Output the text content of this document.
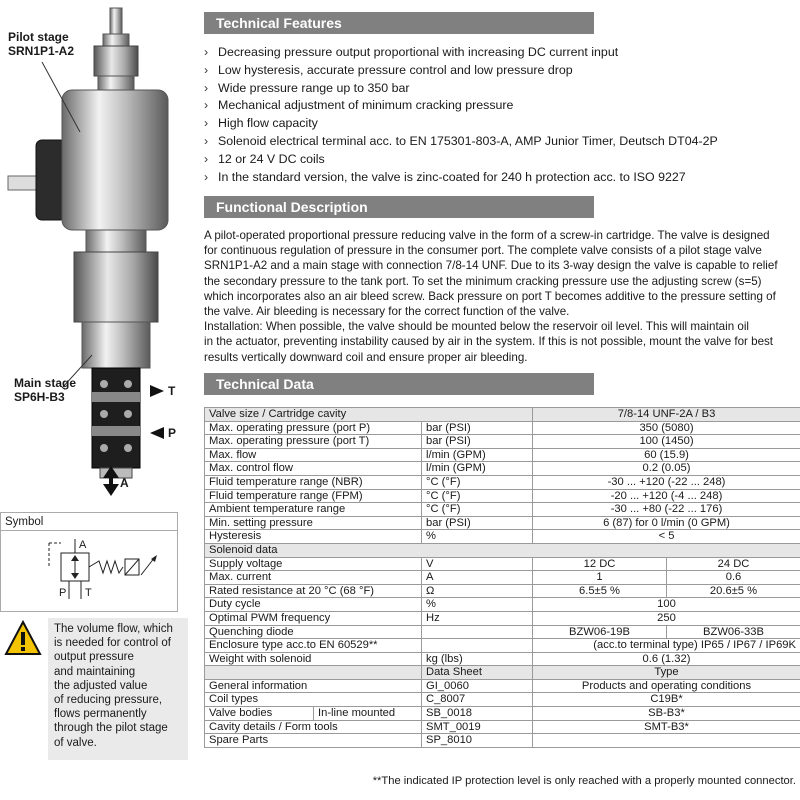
Pilot stage
SRN1P1-A2
Main stage
SP6H-B3	T
P
A
Symbol
A
P T
The volume flow, which
is needed for control of
output pressure
and maintaining
the adjusted value
of reducing pressure,
flows permanently
through the pilot stage
of valve.
Technical Features
› Decreasing pressure output proportional with increasing DC current input
› Low hysteresis, accurate pressure control and low pressure drop
› Wide pressure range up to 350 bar
› Mechanical adjustment of minimum cracking pressure
› High flow capacity
› Solenoid electrical terminal acc. to EN 175301-803-A, AMP Junior Timer, Deutsch DT04-2P
› 12 or 24 V DC coils
› In the standard version, the valve is zinc-coated for 240 h protection acc. to ISO 9227
Functional Description

A pilot-operated proportional pressure reducing valve in the form of a screw-in cartridge. The valve is designed

for continuous regulation of pressure in the consumer port. The complete valve consists of a pilot stage valve

SRN1P1-A2 and a main stage with connection 7/8-14 UNF. Due to its 3-way design the valve is capable to relief

the secondary pressure to the tank port. To set the minimum cracking pressure use the adjusting screw (s=5)

which incorporates also an air bleed screw. Back pressure on port T becomes additive to the pressure setting of

the valve. Air bleeding is necessary for the correct function of the valve.

Installation: When possible, the valve should be mounted below the reservoir oil level. This will maintain oil

in the actuator, preventing instability caused by air in the system. If this is not possible, mount the valve for best

results vertically downward coil and ensure proper air bleeding.

Technical Data
Valve size / Cartridge cavity			7/8-14 UNF-2A / B3	
Max. operating pressure (port P)		bar (PSI)	350 (5080)	
Max. operating pressure (port T)		bar (PSI)	100 (1450)	
Max. flow		l/min (GPM)	60 (15.9)	
Max. control flow		l/min (GPM)	0.2 (0.05)	
Fluid temperature range (NBR)		°C (°F)	-30 ... +120 (-22 ... 248)	
Fluid temperature range (FPM)		°C (°F)	-20 ... +120 (-4 ... 248)	
Ambient temperature range		°C (°F)	-30 ... +80 (-22 ... 176)	
Min. setting pressure		bar (PSI)	6 (87) for 0 l/min (0 GPM)	
Hysteresis		%	< 5	
Solenoid data				
Supply voltage		V	12 DC	24 DC
Max. current		A	1	0.6
Rated resistance at 20 °C (68 °F)		Ω	6.5±5 %	20.6±5 %
Duty cycle		%	100	
Optimal PWM frequency		Hz	250	
Quenching diode			BZW06-19B	BZW06-33B
Enclosure type acc.to EN 60529**			(acc.to terminal type) IP65 / IP67 / IP69K	
Weight with solenoid		kg (lbs)	0.6 (1.32)	
		Data Sheet	Type	
General information		GI_0060	Products and operating conditions	
Coil types		C_8007	C19B*	
Valve bodies	In-line mounted	SB_0018	SB-B3*	
Cavity details / Form tools		SMT_0019	SMT-B3*	
Spare Parts		SP_8010		
**The indicated IP protection level is only reached with a properly mounted connector.
